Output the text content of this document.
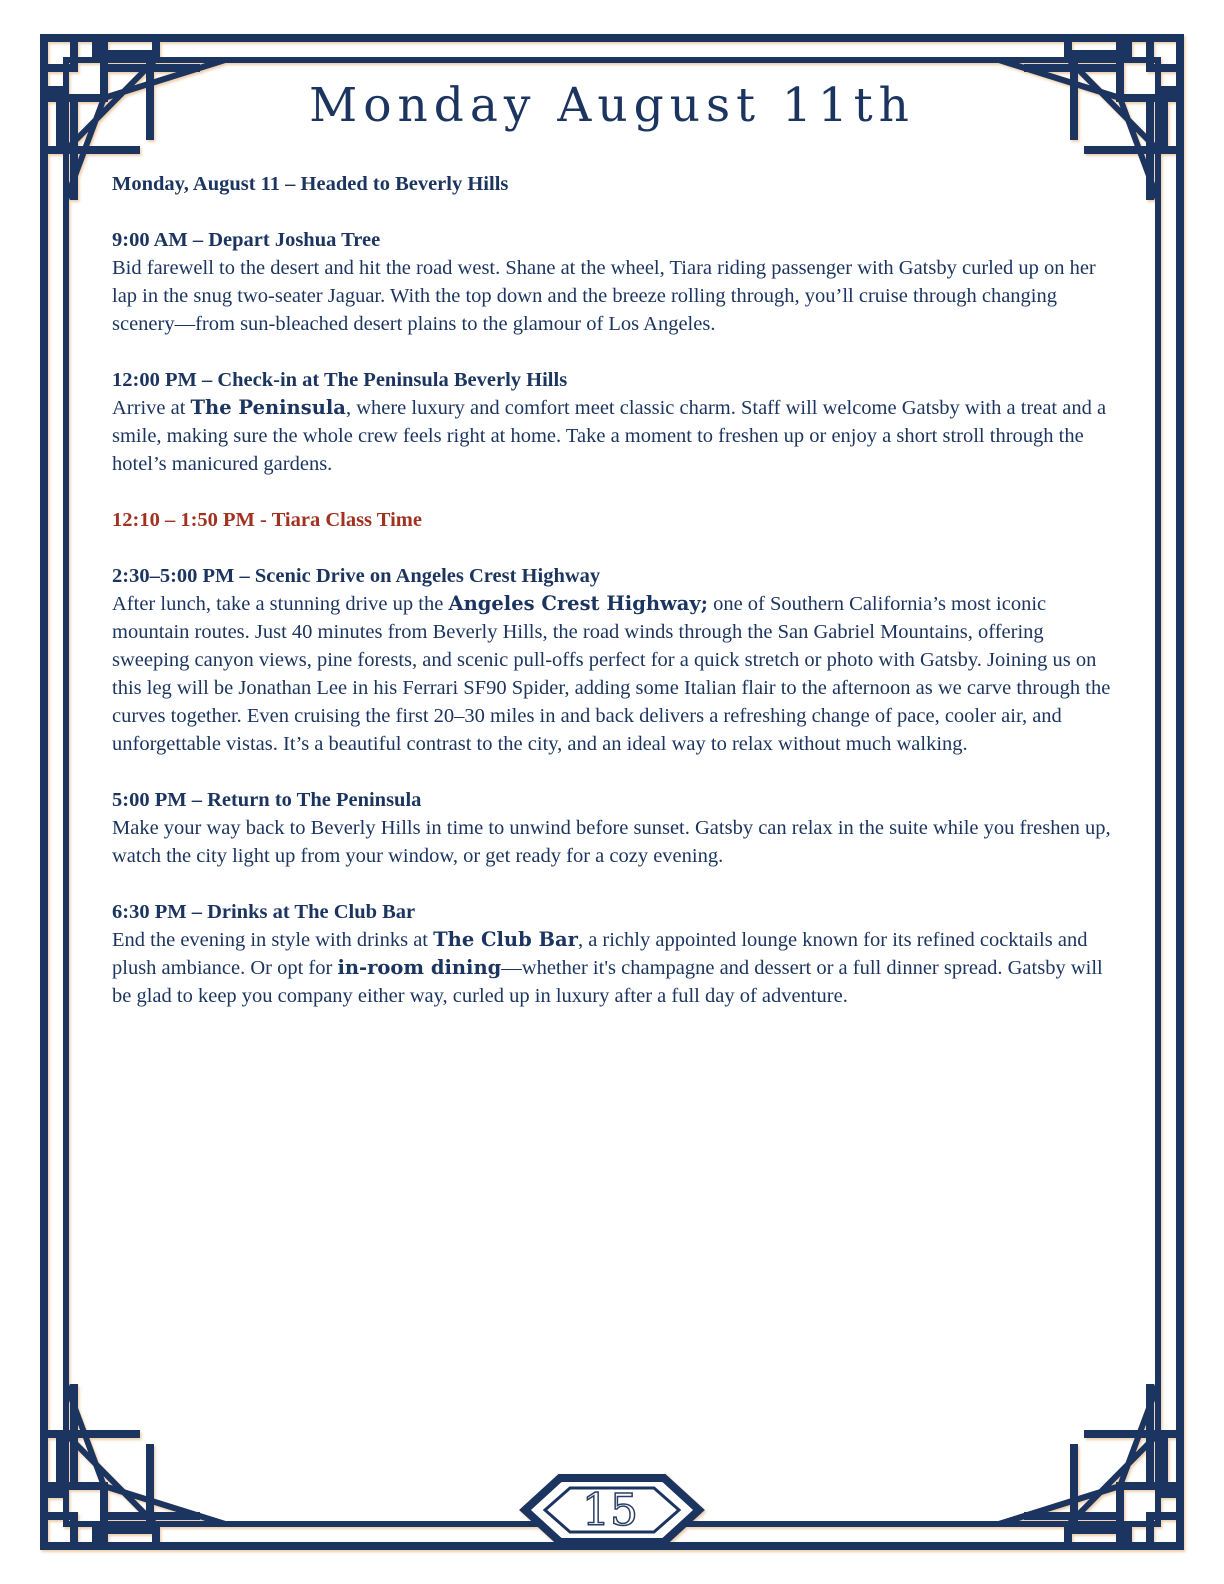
Monday August 11th
Monday, August 11 – Headed to Beverly Hills
9:00 AM – Depart Joshua Tree
Bid farewell to the desert and hit the road west. Shane at the wheel, Tiara riding passenger with Gatsby curled up on her lap in the snug two-seater Jaguar. With the top down and the breeze rolling through, you’ll cruise through changing scenery—from sun-bleached desert plains to the glamour of Los Angeles.
12:00 PM – Check-in at The Peninsula Beverly Hills
Arrive at The Peninsula, where luxury and comfort meet classic charm. Staff will welcome Gatsby with a treat and a smile, making sure the whole crew feels right at home. Take a moment to freshen up or enjoy a short stroll through the hotel’s manicured gardens.
12:10 – 1:50 PM - Tiara Class Time
2:30–5:00 PM – Scenic Drive on Angeles Crest Highway
After lunch, take a stunning drive up the Angeles Crest Highway; one of Southern California’s most iconic mountain routes. Just 40 minutes from Beverly Hills, the road winds through the San Gabriel Mountains, offering sweeping canyon views, pine forests, and scenic pull-offs perfect for a quick stretch or photo with Gatsby. Joining us on this leg will be Jonathan Lee in his Ferrari SF90 Spider, adding some Italian flair to the afternoon as we carve through the curves together. Even cruising the first 20–30 miles in and back delivers a refreshing change of pace, cooler air, and unforgettable vistas. It’s a beautiful contrast to the city, and an ideal way to relax without much walking.
5:00 PM – Return to The Peninsula
Make your way back to Beverly Hills in time to unwind before sunset. Gatsby can relax in the suite while you freshen up, watch the city light up from your window, or get ready for a cozy evening.
6:30 PM – Drinks at The Club Bar
End the evening in style with drinks at The Club Bar, a richly appointed lounge known for its refined cocktails and plush ambiance. Or opt for in-room dining—whether it's champagne and dessert or a full dinner spread. Gatsby will be glad to keep you company either way, curled up in luxury after a full day of adventure.
15
